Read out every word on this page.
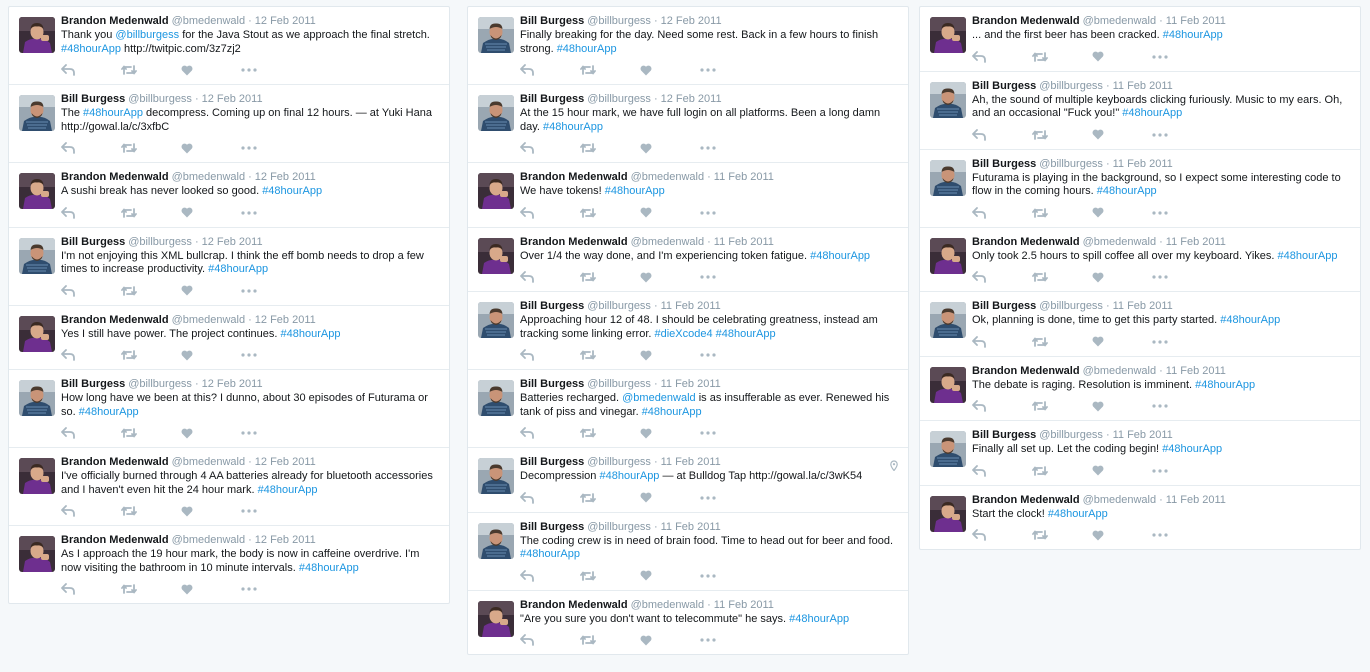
Brandon Medenwald @bmedenwald · 12 Feb 2011
Thank you @billburgess for the Java Stout as we approach the final stretch. #48hourApp http://twitpic.com/3z7zj2
Bill Burgess @billburgess · 12 Feb 2011
The #48hourApp decompress. Coming up on final 12 hours. — at Yuki Hana http://gowal.la/c/3xfbC
Brandon Medenwald @bmedenwald · 12 Feb 2011
A sushi break has never looked so good. #48hourApp
Bill Burgess @billburgess · 12 Feb 2011
I'm not enjoying this XML bullcrap. I think the eff bomb needs to drop a few times to increase productivity. #48hourApp
Brandon Medenwald @bmedenwald · 12 Feb 2011
Yes I still have power. The project continues. #48hourApp
Bill Burgess @billburgess · 12 Feb 2011
How long have we been at this? I dunno, about 30 episodes of Futurama or so. #48hourApp
Brandon Medenwald @bmedenwald · 12 Feb 2011
I've officially burned through 4 AA batteries already for bluetooth accessories and I haven't even hit the 24 hour mark. #48hourApp
Brandon Medenwald @bmedenwald · 12 Feb 2011
As I approach the 19 hour mark, the body is now in caffeine overdrive. I'm now visiting the bathroom in 10 minute intervals. #48hourApp
Bill Burgess @billburgess · 12 Feb 2011
Finally breaking for the day. Need some rest. Back in a few hours to finish strong. #48hourApp
Bill Burgess @billburgess · 12 Feb 2011
At the 15 hour mark, we have full login on all platforms. Been a long damn day. #48hourApp
Brandon Medenwald @bmedenwald · 11 Feb 2011
We have tokens! #48hourApp
Brandon Medenwald @bmedenwald · 11 Feb 2011
Over 1/4 the way done, and I'm experiencing token fatigue. #48hourApp
Bill Burgess @billburgess · 11 Feb 2011
Approaching hour 12 of 48. I should be celebrating greatness, instead am tracking some linking error. #dieXcode4 #48hourApp
Bill Burgess @billburgess · 11 Feb 2011
Batteries recharged. @bmedenwald is as insufferable as ever. Renewed his tank of piss and vinegar. #48hourApp
Bill Burgess @billburgess · 11 Feb 2011
Decompression #48hourApp — at Bulldog Tap http://gowal.la/c/3wK54
Bill Burgess @billburgess · 11 Feb 2011
The coding crew is in need of brain food. Time to head out for beer and food. #48hourApp
Brandon Medenwald @bmedenwald · 11 Feb 2011
"Are you sure you don't want to telecommute" he says. #48hourApp
Brandon Medenwald @bmedenwald · 11 Feb 2011
... and the first beer has been cracked. #48hourApp
Bill Burgess @billburgess · 11 Feb 2011
Ah, the sound of multiple keyboards clicking furiously. Music to my ears. Oh, and an occasional "Fuck you!" #48hourApp
Bill Burgess @billburgess · 11 Feb 2011
Futurama is playing in the background, so I expect some interesting code to flow in the coming hours. #48hourApp
Brandon Medenwald @bmedenwald · 11 Feb 2011
Only took 2.5 hours to spill coffee all over my keyboard. Yikes. #48hourApp
Bill Burgess @billburgess · 11 Feb 2011
Ok, planning is done, time to get this party started. #48hourApp
Brandon Medenwald @bmedenwald · 11 Feb 2011
The debate is raging. Resolution is imminent. #48hourApp
Bill Burgess @billburgess · 11 Feb 2011
Finally all set up. Let the coding begin! #48hourApp
Brandon Medenwald @bmedenwald · 11 Feb 2011
Start the clock! #48hourApp
